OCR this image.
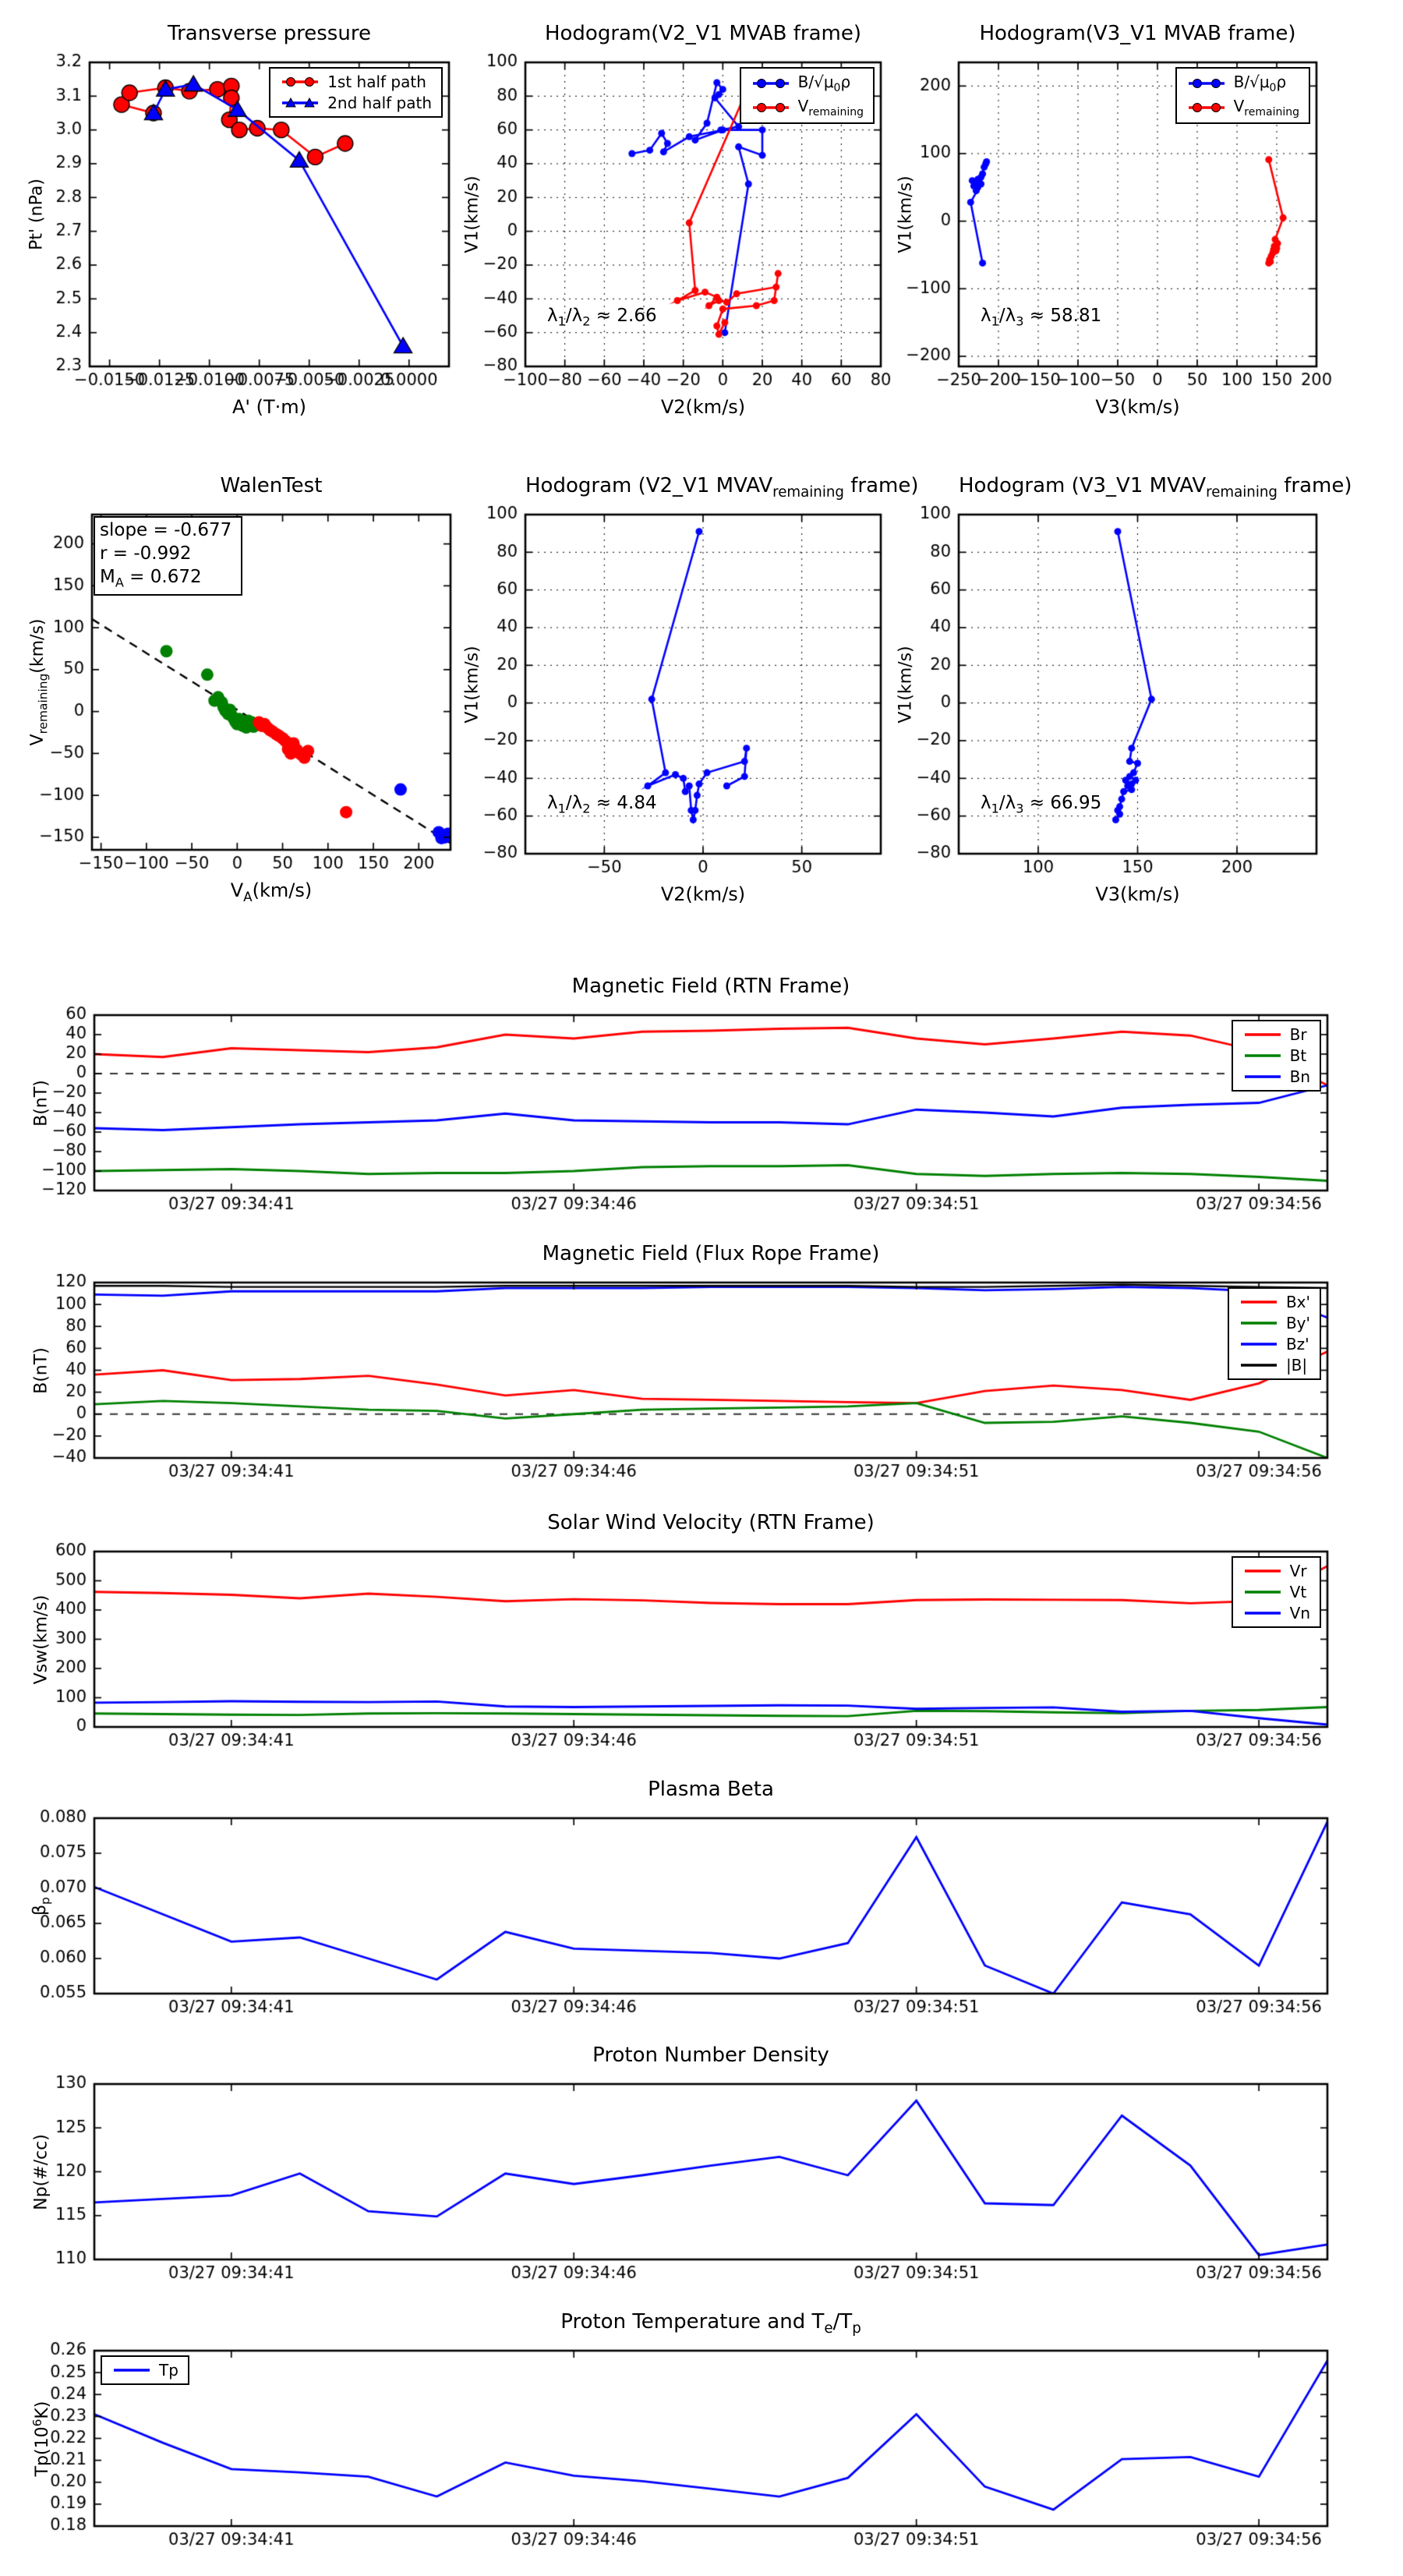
Transverse pressure
Pt' (nPa)
A' (T·m)
1st half path
2nd half path
Hodogram(V2_V1 MVAB frame)
V1(km/s)
V2(km/s)
$\lambda_1/\lambda_2 \approx 2.66$
$B/√\mu_0\rho$
$V_{remaining}$
Hodogram(V3_V1 MVAB frame)
V1(km/s)
V3(km/s)
$\lambda_1/\lambda_3 \approx 58.81$
$B/√\mu_0\rho$
$V_{remaining}$
WalenTest
$V_{remaining}(km/s)$
$V_A(km/s)$
slope = -0.677
r = -0.992
$M_A = 0.672$
Hodogram (V2_V1 $MVAV_{remaining}$ frame)
V1(km/s)
V2(km/s)
$\lambda_1/\lambda_2 \approx 4.84$
Hodogram (V3_V1 $MVAV_{remaining}$ frame)
V1(km/s)
V3(km/s)
$\lambda_1/\lambda_3 \approx 66.95$
Magnetic Field (RTN Frame)
B(nT)
Br
Bt
Bn
Magnetic Field (Flux Rope Frame)
B(nT)
Bx'
By'
Bz'
|B|
Solar Wind Velocity (RTN Frame)
Vsw(km/s)
Vr
Vt
Vn
Plasma Beta
$\beta_p$
Proton Number Density
Np(#/cc)
Proton Temperature and $T_e/T_p$
$Tp(10^6K)$
Tp
